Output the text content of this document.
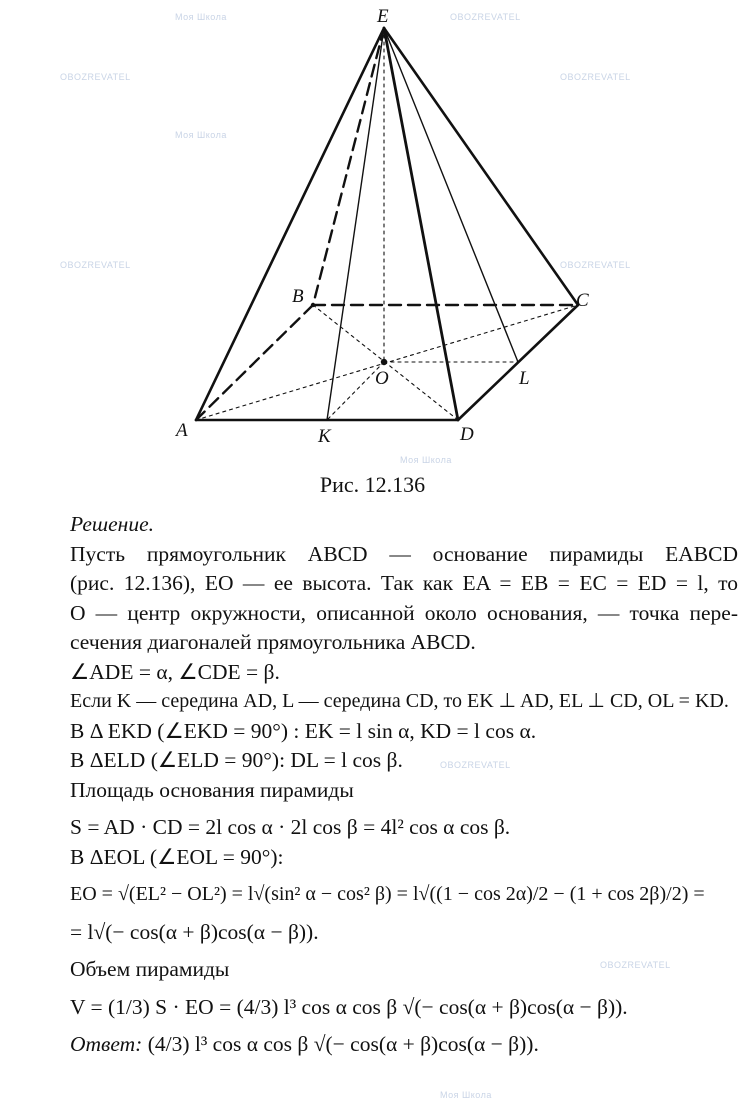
Моя Школа	OBOZREVATEL
OBOZREVATEL	OBOZREVATEL
Моя Школа
OBOZREVATEL	OBOZREVATEL
Моя Школа
OBOZREVATEL
OBOZREVATEL
Моя Школа
E
B	C
O	L
A	K	D
Рис. 12.136
Решение.
Пусть прямоугольник ABCD — основание пирамиды EABCD
(рис. 12.136), EO — ее высота. Так как EA = EB = EC = ED = l, то
O — центр окружности, описанной около основания, — точка пере-
сечения диагоналей прямоугольника ABCD.
∠ADE = α, ∠CDE = β.
Если K — середина AD, L — середина CD, то EK ⊥ AD, EL ⊥ CD, OL = KD.
В Δ EKD (∠EKD = 90°) : EK = l sin α, KD = l cos α.
В ΔELD (∠ELD = 90°): DL = l cos β.
Площадь основания пирамиды
S = AD · CD = 2l cos α · 2l cos β = 4l² cos α cos β.
В ΔEOL (∠EOL = 90°):
EO = √(EL² − OL²) = l√(sin² α − cos² β) = l√((1 − cos 2α)/2 − (1 + cos 2β)/2) =
= l√(− cos(α + β)cos(α − β)).
Объем пирамиды
V = (1/3) S · EO = (4/3) l³ cos α cos β √(− cos(α + β)cos(α − β)).
Ответ: (4/3) l³ cos α cos β √(− cos(α + β)cos(α − β)).
